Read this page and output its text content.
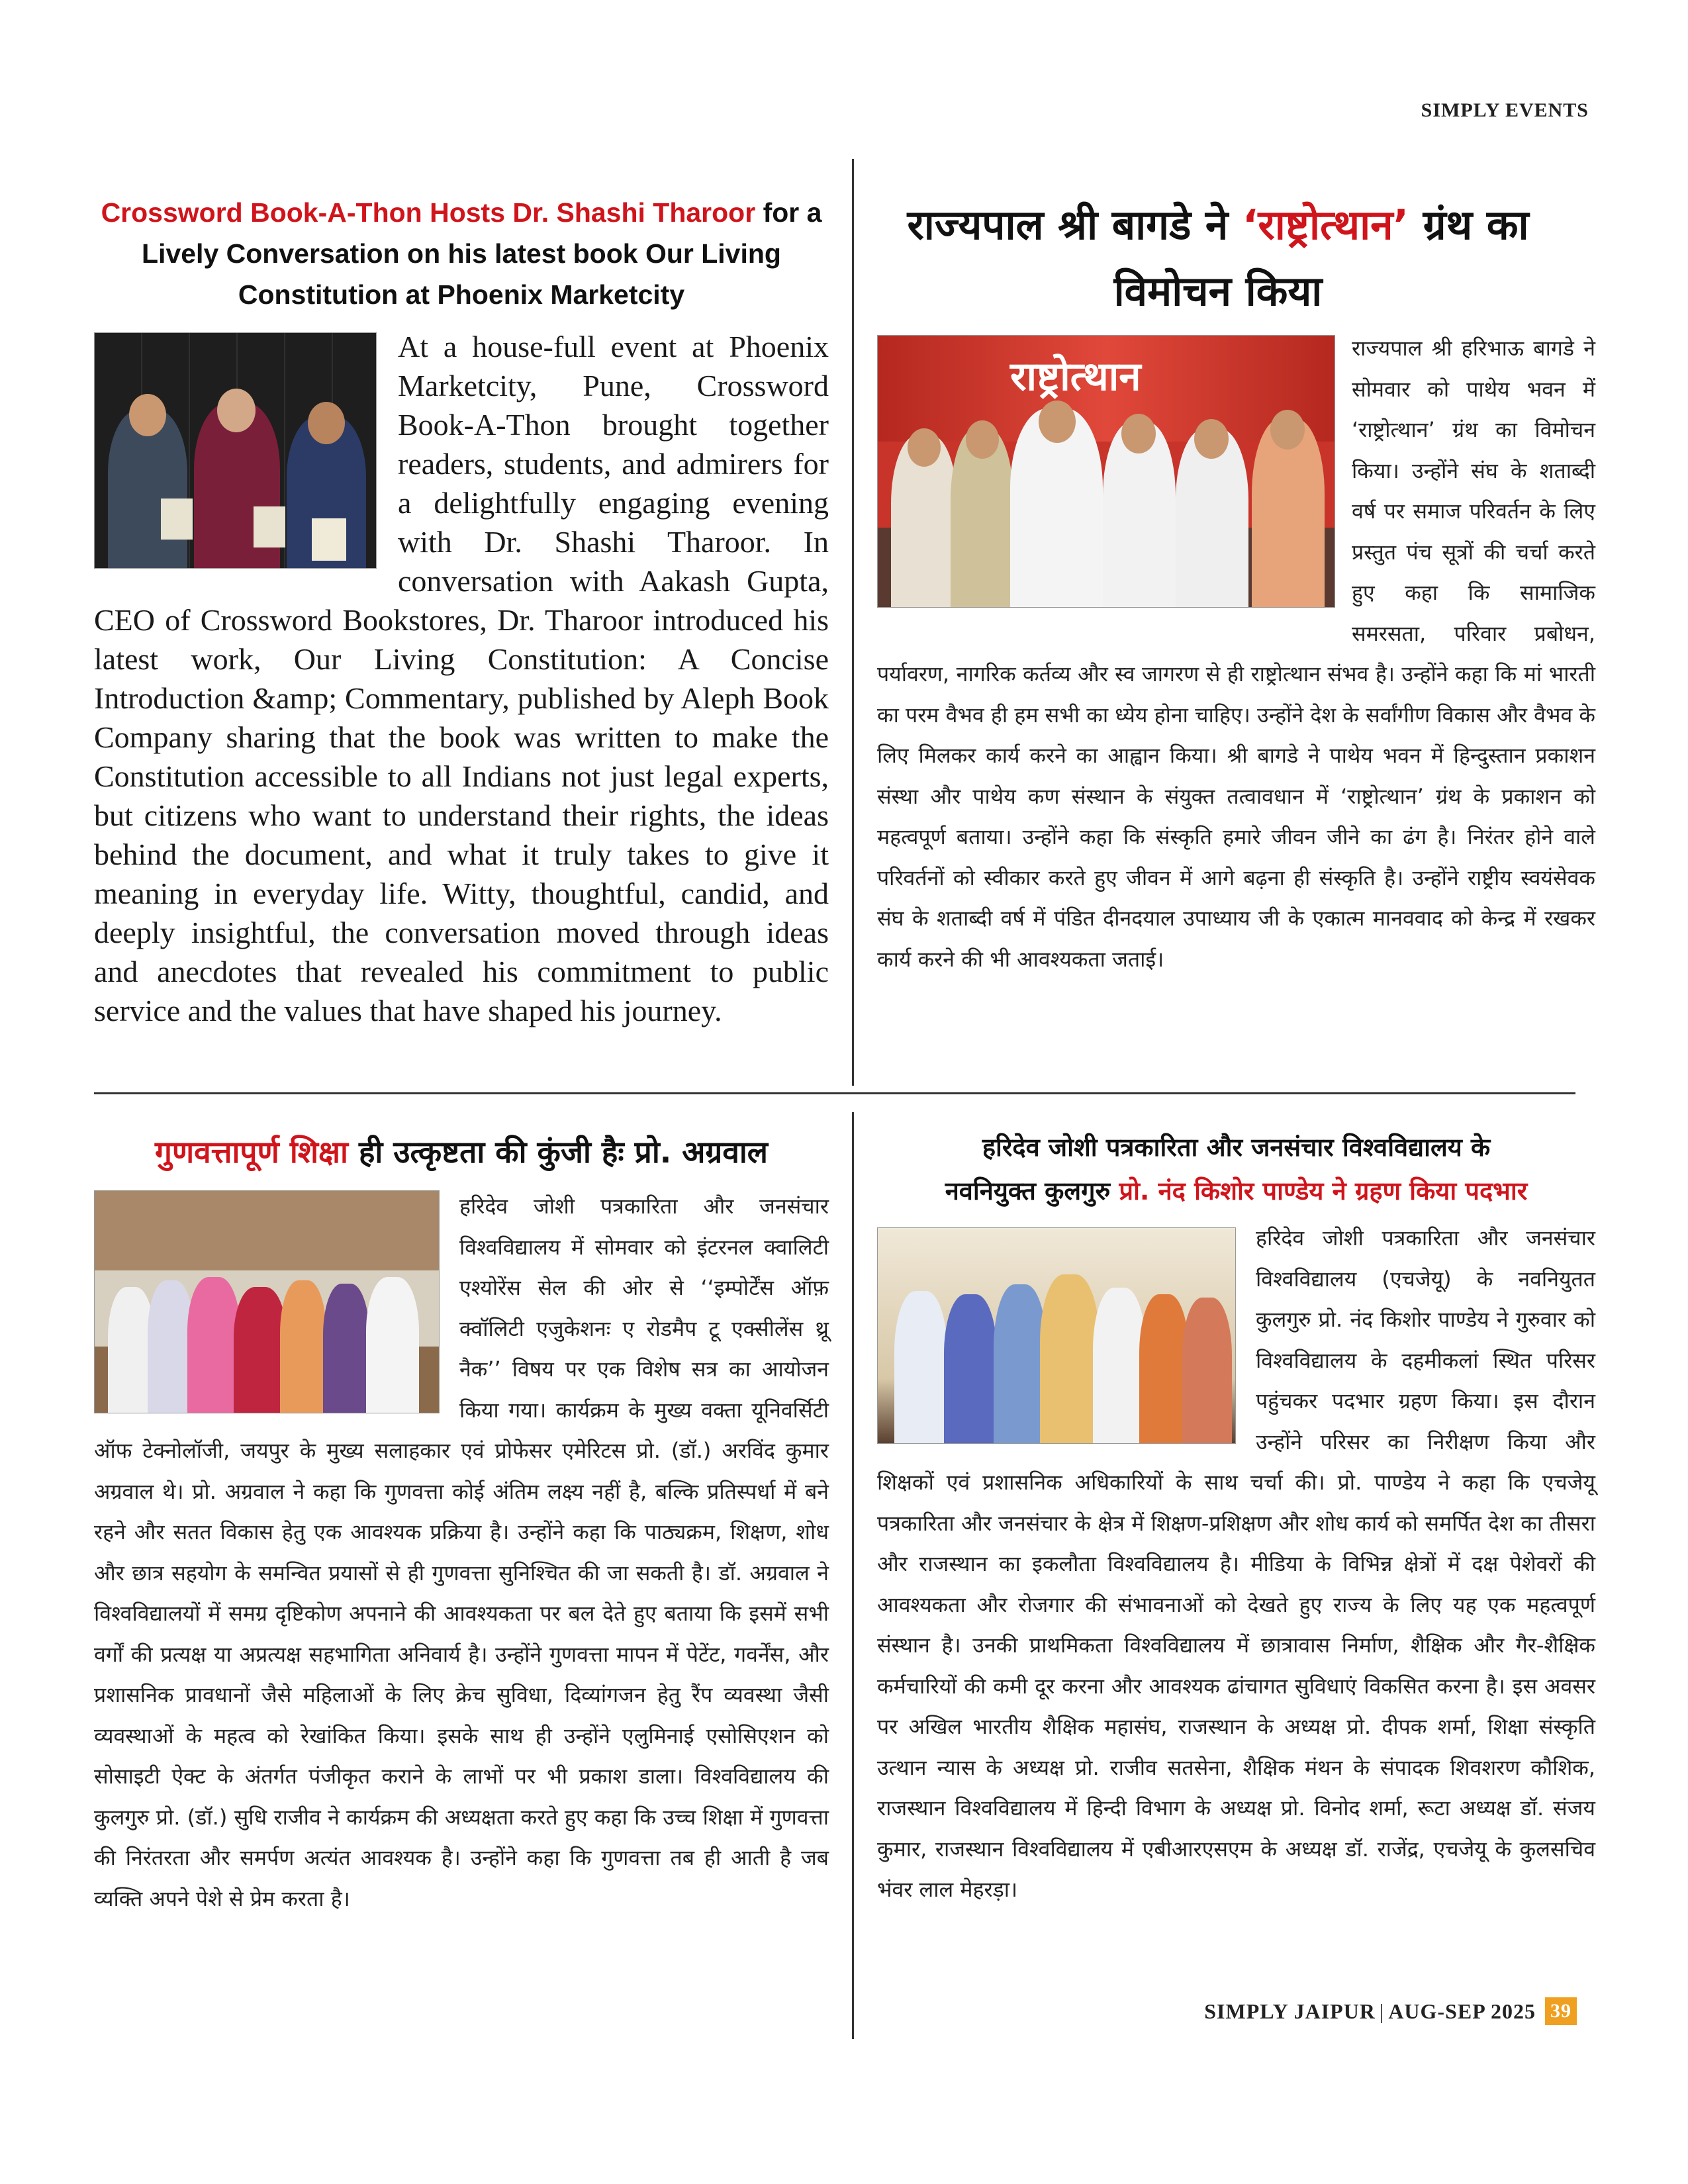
SIMPLY EVENTS
Crossword Book-A-Thon Hosts Dr. Shashi Tharoor for a Lively Conversation on his latest book Our Living Constitution at Phoenix Marketcity

At a house-full event at Phoenix Marketcity, Pune, Crossword Book-A-Thon brought together readers, students, and admirers for a delightfully engaging evening with Dr. Shashi Tharoor. In conversation with Aakash Gupta, CEO of Crossword Bookstores, Dr. Tharoor introduced his latest work, Our Living Constitution: A Concise Introduction &amp; Commentary, published by Aleph Book Company sharing that the book was written to make the Constitution accessible to all Indians not just legal experts, but citizens who want to understand their rights, the ideas behind the document, and what it truly takes to give it meaning in everyday life. Witty, thoughtful, candid, and deeply insightful, the conversation moved through ideas and anecdotes that revealed his commitment to public service and the values that have shaped his journey.

राज्यपाल श्री बागडे ने ‘राष्ट्रोत्थान’ ग्रंथ का विमोचन किया
राष्ट्रोत्थान

राज्यपाल श्री हरिभाऊ बागडे ने सोमवार को पाथेय भवन में ‘राष्ट्रोत्थान’ ग्रंथ का विमोचन किया। उन्होंने संघ के शताब्दी वर्ष पर समाज परिवर्तन के लिए प्रस्तुत पंच सूत्रों की चर्चा करते हुए कहा कि सामाजिक समरसता, परिवार प्रबोधन, पर्यावरण, नागरिक कर्तव्य और स्व जागरण से ही राष्ट्रोत्थान संभव है। उन्होंने कहा कि मां भारती का परम वैभव ही हम सभी का ध्येय होना चाहिए। उन्होंने देश के सर्वांगीण विकास और वैभव के लिए मिलकर कार्य करने का आह्वान किया। श्री बागडे ने पाथेय भवन में हिन्दुस्तान प्रकाशन संस्था और पाथेय कण संस्थान के संयुक्त तत्वावधान में ‘राष्ट्रोत्थान’ ग्रंथ के प्रकाशन को महत्वपूर्ण बताया। उन्होंने कहा कि संस्कृति हमारे जीवन जीने का ढंग है। निरंतर होने वाले परिवर्तनों को स्वीकार करते हुए जीवन में आगे बढ़ना ही संस्कृति है। उन्होंने राष्ट्रीय स्वयंसेवक संघ के शताब्दी वर्ष में पंडित दीनदयाल उपाध्याय जी के एकात्म मानववाद को केन्द्र में रखकर कार्य करने की भी आवश्यकता जताई।

गुणवत्तापूर्ण शिक्षा ही उत्कृष्टता की कुंजी हैः प्रो. अग्रवाल

हरिदेव जोशी पत्रकारिता और जनसंचार विश्वविद्यालय में सोमवार को इंटरनल क्वालिटी एश्योरेंस सेल की ओर से ‘‘इम्पोर्टेंस ऑफ़ क्वॉलिटी एजुकेशनः ए रोडमैप टू एक्सीलेंस थ्रू नैक’’ विषय पर एक विशेष सत्र का आयोजन किया गया। कार्यक्रम के मुख्य वक्ता यूनिवर्सिटी ऑफ टेक्नोलॉजी, जयपुर के मुख्य सलाहकार एवं प्रोफेसर एमेरिटस प्रो. (डॉ.) अरविंद कुमार अग्रवाल थे। प्रो. अग्रवाल ने कहा कि गुणवत्ता कोई अंतिम लक्ष्य नहीं है, बल्कि प्रतिस्पर्धा में बने रहने और सतत विकास हेतु एक आवश्यक प्रक्रिया है। उन्होंने कहा कि पाठ्यक्रम, शिक्षण, शोध और छात्र सहयोग के समन्वित प्रयासों से ही गुणवत्ता सुनिश्चित की जा सकती है। डॉ. अग्रवाल ने विश्वविद्यालयों में समग्र दृष्टिकोण अपनाने की आवश्यकता पर बल देते हुए बताया कि इसमें सभी वर्गों की प्रत्यक्ष या अप्रत्यक्ष सहभागिता अनिवार्य है। उन्होंने गुणवत्ता मापन में पेटेंट, गवर्नेंस, और प्रशासनिक प्रावधानों जैसे महिलाओं के लिए क्रेच सुविधा, दिव्यांगजन हेतु रैंप व्यवस्था जैसी व्यवस्थाओं के महत्व को रेखांकित किया। इसके साथ ही उन्होंने एलुमिनाई एसोसिएशन को सोसाइटी ऐक्ट के अंतर्गत पंजीकृत कराने के लाभों पर भी प्रकाश डाला। विश्वविद्यालय की कुलगुरु प्रो. (डॉ.) सुधि राजीव ने कार्यक्रम की अध्यक्षता करते हुए कहा कि उच्च शिक्षा में गुणवत्ता की निरंतरता और समर्पण अत्यंत आवश्यक है। उन्होंने कहा कि गुणवत्ता तब ही आती है जब व्यक्ति अपने पेशे से प्रेम करता है।

हरिदेव जोशी पत्रकारिता और जनसंचार विश्वविद्यालय के
नवनियुक्त कुलगुरु प्रो. नंद किशोर पाण्डेय ने ग्रहण किया पदभार

हरिदेव जोशी पत्रकारिता और जनसंचार विश्वविद्यालय (एचजेयू) के नवनियुतत कुलगुरु प्रो. नंद किशोर पाण्डेय ने गुरुवार को विश्वविद्यालय के दहमीकलां स्थित परिसर पहुंचकर पदभार ग्रहण किया। इस दौरान उन्होंने परिसर का निरीक्षण किया और शिक्षकों एवं प्रशासनिक अधिकारियों के साथ चर्चा की। प्रो. पाण्डेय ने कहा कि एचजेयू पत्रकारिता और जनसंचार के क्षेत्र में शिक्षण-प्रशिक्षण और शोध कार्य को समर्पित देश का तीसरा और राजस्थान का इकलौता विश्वविद्यालय है। मीडिया के विभिन्न क्षेत्रों में दक्ष पेशेवरों की आवश्यकता और रोजगार की संभावनाओं को देखते हुए राज्य के लिए यह एक महत्वपूर्ण संस्थान है। उनकी प्राथमिकता विश्वविद्यालय में छात्रावास निर्माण, शैक्षिक और गैर-शैक्षिक कर्मचारियों की कमी दूर करना और आवश्यक ढांचागत सुविधाएं विकसित करना है। इस अवसर पर अखिल भारतीय शैक्षिक महासंघ, राजस्थान के अध्यक्ष प्रो. दीपक शर्मा, शिक्षा संस्कृति उत्थान न्यास के अध्यक्ष प्रो. राजीव सतसेना, शैक्षिक मंथन के संपादक शिवशरण कौशिक, राजस्थान विश्वविद्यालय में हिन्दी विभाग के अध्यक्ष प्रो. विनोद शर्मा, रूटा अध्यक्ष डॉ. संजय कुमार, राजस्थान विश्वविद्यालय में एबीआरएसएम के अध्यक्ष डॉ. राजेंद्र, एचजेयू के कुलसचिव भंवर लाल मेहरड़ा।

SIMPLY JAIPUR | AUG-SEP 2025 39
